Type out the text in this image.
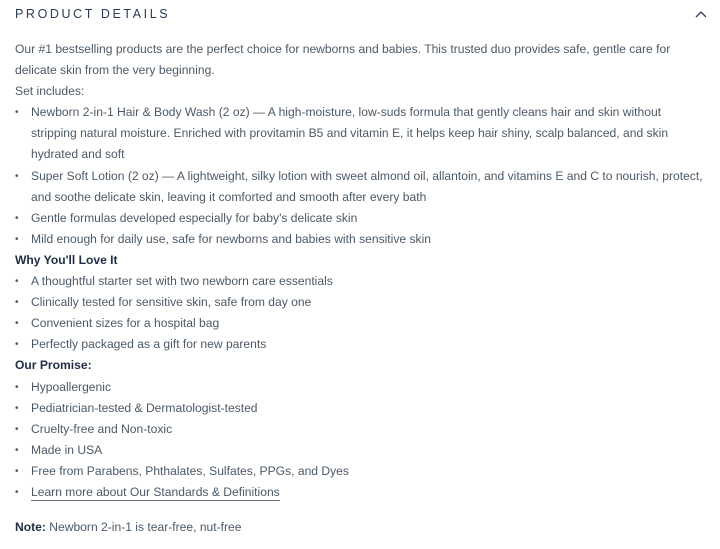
PRODUCT DETAILS

Our #1 bestselling products are the perfect choice for newborns and babies. This trusted duo provides safe, gentle care for delicate skin from the very beginning.

Set includes:

• Newborn 2-in-1 Hair & Body Wash (2 oz) — A high-moisture, low-suds formula that gently cleans hair and skin without stripping natural moisture. Enriched with provitamin B5 and vitamin E, it helps keep hair shiny, scalp balanced, and skin hydrated and soft
• Super Soft Lotion (2 oz) — A lightweight, silky lotion with sweet almond oil, allantoin, and vitamins E and C to nourish, protect, and soothe delicate skin, leaving it comforted and smooth after every bath
• Gentle formulas developed especially for baby's delicate skin
• Mild enough for daily use, safe for newborns and babies with sensitive skin

Why You'll Love It

• A thoughtful starter set with two newborn care essentials
• Clinically tested for sensitive skin, safe from day one
• Convenient sizes for a hospital bag
• Perfectly packaged as a gift for new parents

Our Promise:

• Hypoallergenic
• Pediatrician-tested & Dermatologist-tested
• Cruelty-free and Non-toxic
• Made in USA
• Free from Parabens, Phthalates, Sulfates, PPGs, and Dyes
• Learn more about Our Standards & Definitions

Note: Newborn 2-in-1 is tear-free, nut-free
